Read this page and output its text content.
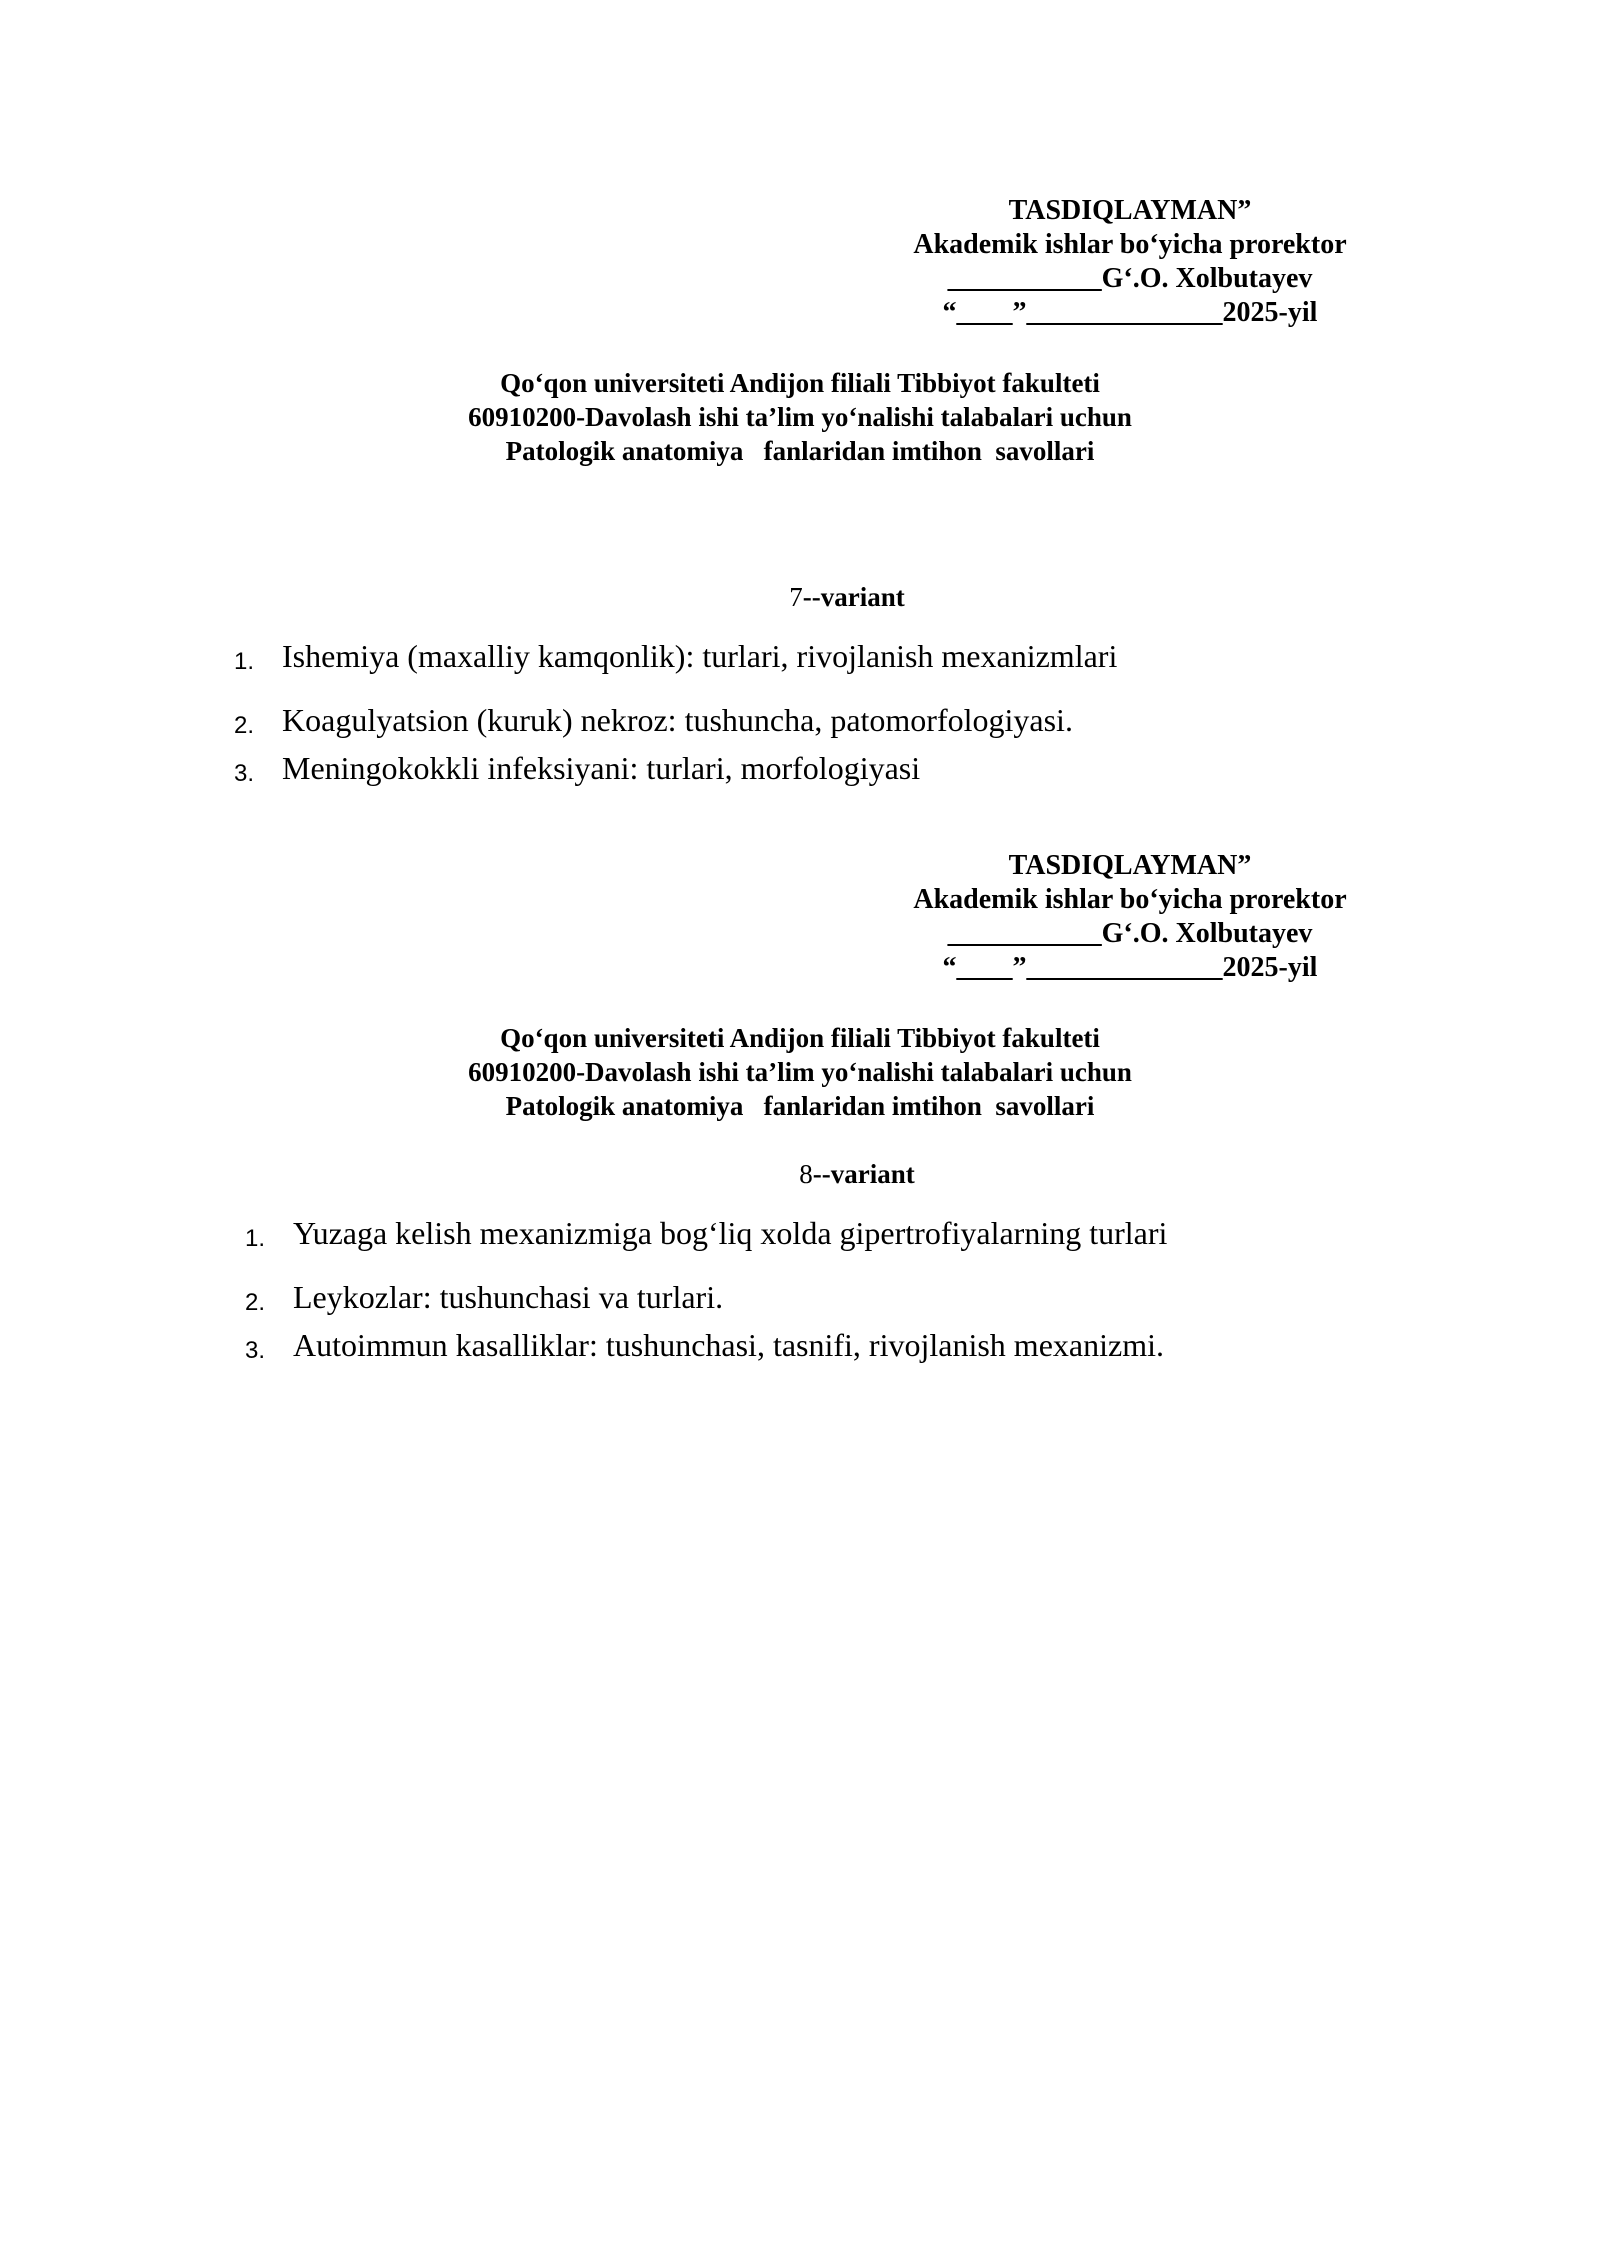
TASDIQLAYMAN”
Akademik ishlar bo‘yicha prorektor
___________G‘.O. Xolbutayev
“____”______________2025-yil
Qo‘qon universiteti Andijon filiali Tibbiyot fakulteti
60910200-Davolash ishi ta’lim yo‘nalishi talabalari uchun
Patologik anatomiya   fanlaridan imtihon  savollari
7--variant
1. Ishemiya (maxalliy kamqonlik): turlari, rivojlanish mexanizmlari
2. Koagulyatsion (kuruk) nekroz: tushuncha, patomorfologiyasi.
3. Meningokokkli infeksiyani: turlari, morfologiyasi
TASDIQLAYMAN”
Akademik ishlar bo‘yicha prorektor
___________G‘.O. Xolbutayev
“____”______________2025-yil
Qo‘qon universiteti Andijon filiali Tibbiyot fakulteti
60910200-Davolash ishi ta’lim yo‘nalishi talabalari uchun
Patologik anatomiya   fanlaridan imtihon  savollari
8--variant
1. Yuzaga kelish mexanizmiga bog‘liq xolda gipertrofiyalarning turlari
2. Leykozlar: tushunchasi va turlari.
3. Autoimmun kasalliklar: tushunchasi, tasnifi, rivojlanish mexanizmi.
